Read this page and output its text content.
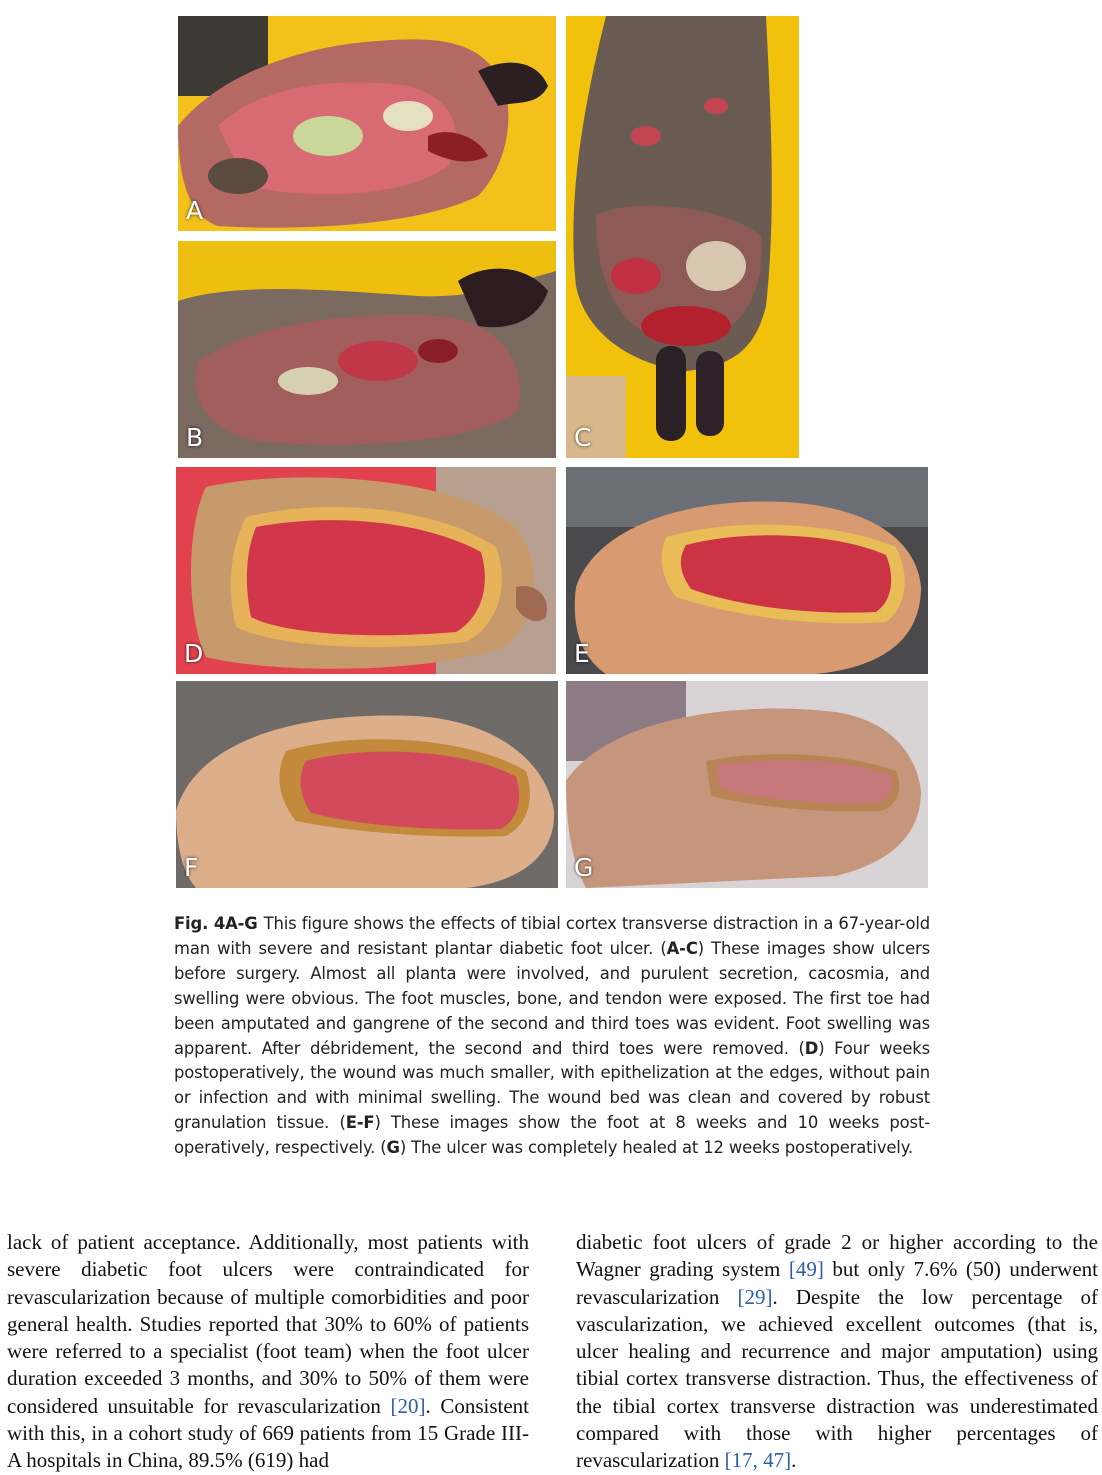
A
B	C
D	E
F	G

Fig. 4A-G This figure shows the effects of tibial cortex transverse distraction in a 67-year-old man with severe and resistant plantar diabetic foot ulcer. (A-C) These images show ulcers before surgery. Almost all planta were involved, and purulent secretion, cacosmia, and swelling were obvious. The foot muscles, bone, and tendon were exposed. The first toe had been amputated and gangrene of the second and third toes was evident. Foot swelling was apparent. After débridement, the second and third toes were removed. (D) Four weeks postoperatively, the wound was much smaller, with epithelization at the edges, without pain or infection and with minimal swelling. The wound bed was clean and covered by robust granulation tissue. (E-F) These images show the foot at 8 weeks and 10 weeks post-operatively, respectively. (G) The ulcer was completely healed at 12 weeks postoperatively.

lack of patient acceptance. Additionally, most patients with severe diabetic foot ulcers were contraindicated for revascularization because of multiple comorbidities and poor general health. Studies reported that 30% to 60% of patients were referred to a specialist (foot team) when the foot ulcer duration exceeded 3 months, and 30% to 50% of them were considered unsuitable for revascularization [20]. Consistent with this, in a cohort study of 669 patients from 15 Grade III-A hospitals in China, 89.5% (619) had

diabetic foot ulcers of grade 2 or higher according to the Wagner grading system [49] but only 7.6% (50) underwent revascularization [29]. Despite the low percentage of vascularization, we achieved excellent outcomes (that is, ulcer healing and recurrence and major amputation) using tibial cortex transverse distraction. Thus, the effectiveness of the tibial cortex transverse distraction was underestimated compared with those with higher percentages of revascularization [17, 47].
